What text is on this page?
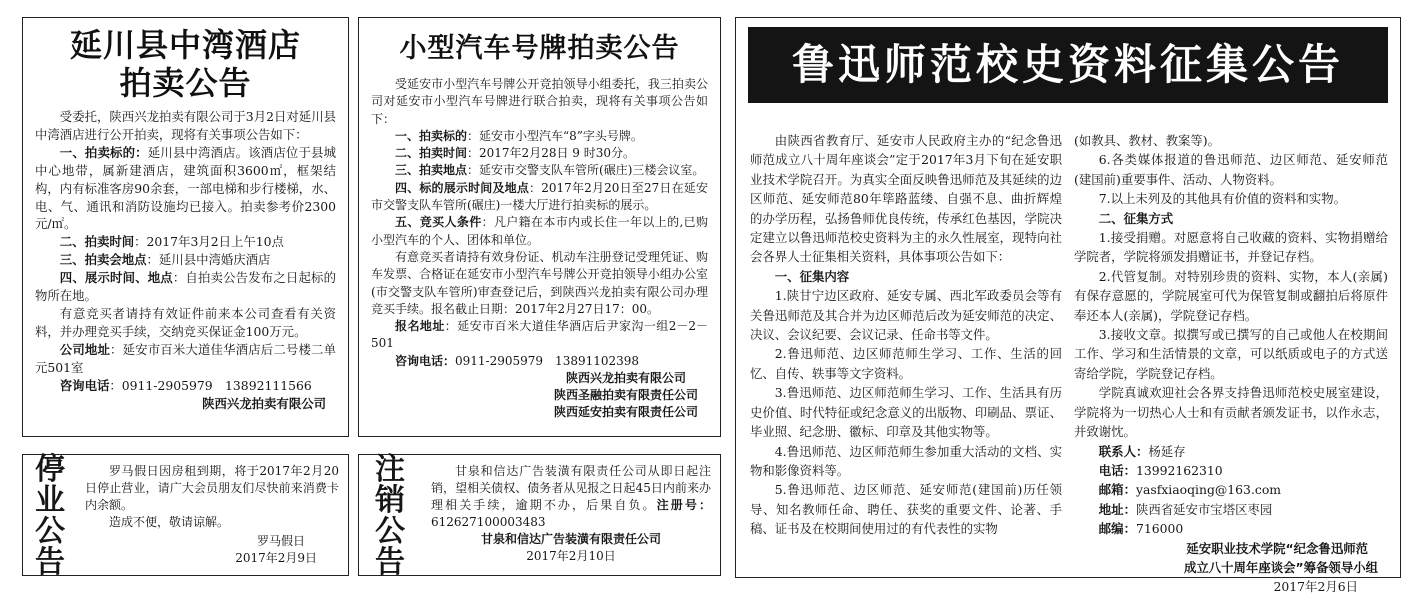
延川县中湾酒店
拍卖公告

受委托，陕西兴龙拍卖有限公司于3月2日对延川县中湾酒店进行公开拍卖，现将有关事项公告如下：

一、拍卖标的：延川县中湾酒店。该酒店位于县城中心地带，属新建酒店，建筑面积3600㎡，框架结构，内有标准客房90余套，一部电梯和步行楼梯，水、电、气、通讯和消防设施均已接入。拍卖参考价2300元/㎡。

二、拍卖时间：2017年3月2日上午10点

三、拍卖会地点：延川县中湾婚庆酒店

四、展示时间、地点：自拍卖公告发布之日起标的物所在地。

有意竞买者请持有效证件前来本公司查看有关资料，并办理竞买手续，交纳竞买保证金100万元。

公司地址：延安市百米大道佳华酒店后二号楼二单元501室

咨询电话：0911-2905979　13892111566

陕西兴龙拍卖有限公司
小型汽车号牌拍卖公告

受延安市小型汽车号牌公开竞拍领导小组委托，我三拍卖公司对延安市小型汽车号牌进行联合拍卖，现将有关事项公告如下：

一、拍卖标的：延安市小型汽车“8”字头号牌。

二、拍卖时间：2017年2月28日 9 时30分。

三、拍卖地点：延安市交警支队车管所(碾庄)三楼会议室。

四、标的展示时间及地点：2017年2月20日至27日在延安市交警支队车管所(碾庄)一楼大厅进行拍卖标的展示。

五、竞买人条件：凡户籍在本市内或长住一年以上的,已购小型汽车的个人、团体和单位。

有意竞买者请持有效身份证、机动车注册登记受理凭证、购车发票、合格证在延安市小型汽车号牌公开竞拍领导小组办公室(市交警支队车管所)审查登记后，到陕西兴龙拍卖有限公司办理竞买手续。报名截止日期：2017年2月27日17：00。

报名地址：延安市百米大道佳华酒店后尹家沟一组2－2－501

咨询电话：0911-2905979　13891102398

陕西兴龙拍卖有限公司
陕西圣融拍卖有限责任公司
陕西延安拍卖有限责任公司
停
业
公
告

罗马假日因房租到期，将于2017年2月20日停止营业，请广大会员朋友们尽快前来消费卡内余额。

造成不便，敬请谅解。

罗马假日
2017年2月9日
注
销
公
告

甘泉和信达广告装潢有限责任公司从即日起注销，望相关债权、债务者从见报之日起45日内前来办理相关手续，逾期不办，后果自负。注册号：612627100003483

甘泉和信达广告装潢有限责任公司
2017年2月10日
鲁迅师范校史资料征集公告

由陕西省教育厅、延安市人民政府主办的“纪念鲁迅师范成立八十周年座谈会”定于2017年3月下旬在延安职业技术学院召开。为真实全面反映鲁迅师范及其延续的边区师范、延安师范80年筚路蓝缕、自强不息、曲折辉煌的办学历程，弘扬鲁师优良传统，传承红色基因，学院决定建立以鲁迅师范校史资料为主的永久性展室，现特向社会各界人士征集相关资料，具体事项公告如下：

一、征集内容

1.陕甘宁边区政府、延安专属、西北军政委员会等有关鲁迅师范及其合并为边区师范后改为延安师范的决定、决议、会议纪要、会议记录、任命书等文件。

2.鲁迅师范、边区师范师生学习、工作、生活的回忆、自传、轶事等文字资料。

3.鲁迅师范、边区师范师生学习、工作、生活具有历史价值、时代特征或纪念意义的出版物、印刷品、票证、毕业照、纪念册、徽标、印章及其他实物等。

4.鲁迅师范、边区师范师生参加重大活动的文档、实物和影像资料等。

5.鲁迅师范、边区师范、延安师范(建国前)历任领导、知名教师任命、聘任、获奖的重要文件、论著、手稿、证书及在校期间使用过的有代表性的实物

(如教具、教材、教案等)。

6.各类媒体报道的鲁迅师范、边区师范、延安师范(建国前)重要事件、活动、人物资料。

7.以上未列及的其他具有价值的资料和实物。

二、征集方式

1.接受捐赠。对愿意将自己收藏的资料、实物捐赠给学院者，学院将颁发捐赠证书，并登记存档。

2.代管复制。对特别珍贵的资料、实物，本人(亲属)有保存意愿的，学院展室可代为保管复制或翻拍后将原件奉还本人(亲属)，学院登记存档。

3.接收文章。拟撰写或已撰写的自己或他人在校期间工作、学习和生活情景的文章，可以纸质或电子的方式送寄给学院，学院登记存档。

学院真诚欢迎社会各界支持鲁迅师范校史展室建设，学院将为一切热心人士和有贡献者颁发证书，以作永志，并致谢忱。

联系人：杨延存

电话：13992162310

邮箱：yasfxiaoqing@163.com

地址：陕西省延安市宝塔区枣园

邮编：716000

延安职业技术学院“纪念鲁迅师范
成立八十周年座谈会”筹备领导小组
2017年2月6日
